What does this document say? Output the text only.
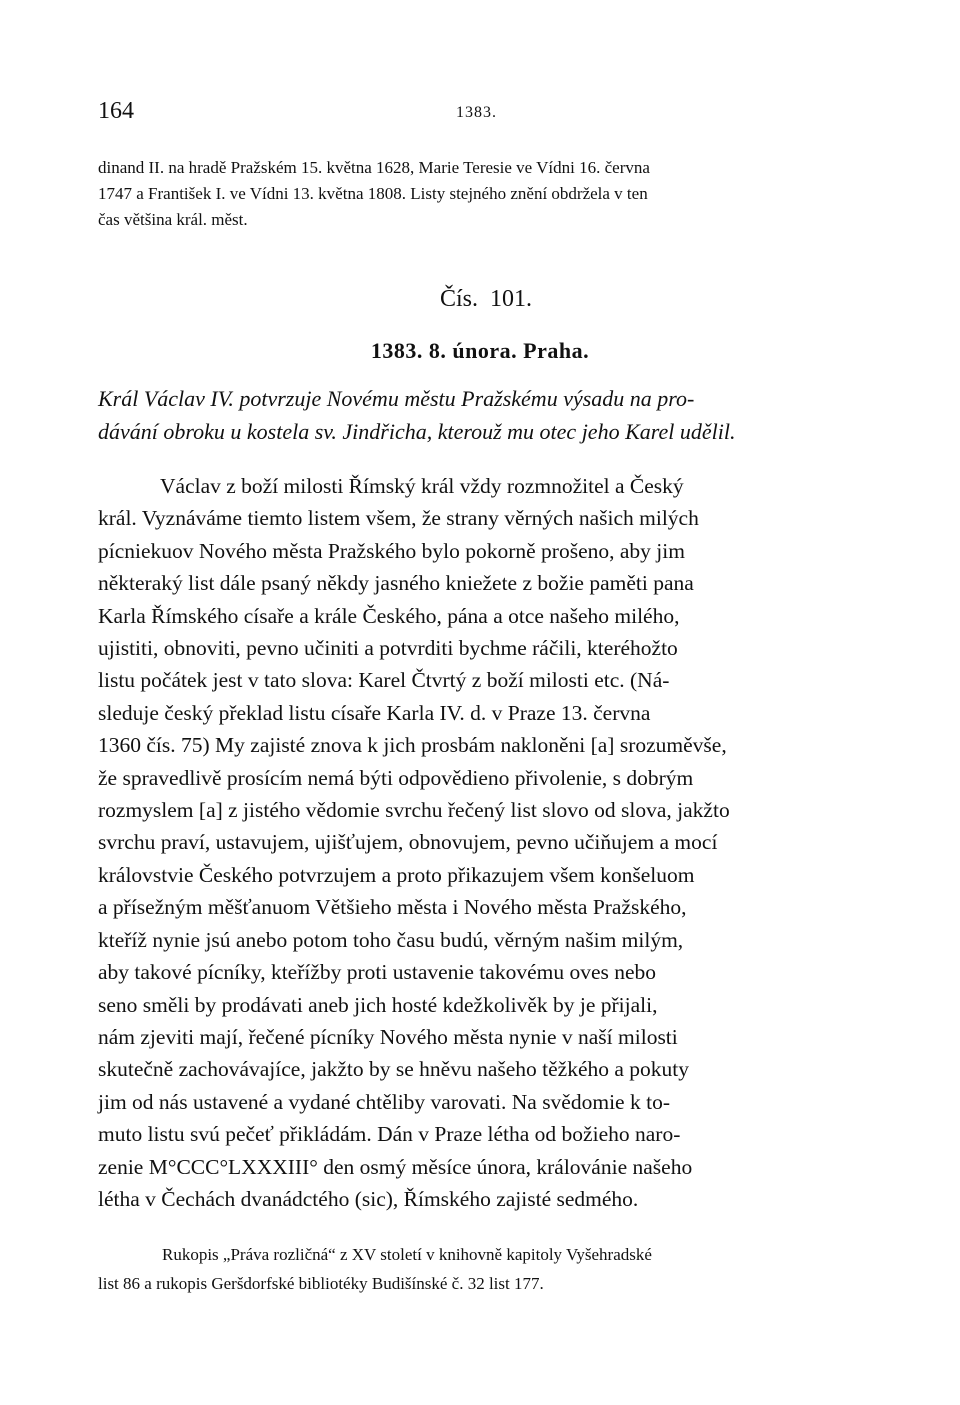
164	1383.
dinand II. na hradě Pražském 15. května 1628, Marie Teresie ve Vídni 16. června
1747 a František I. ve Vídni 13. května 1808. Listy stejného znění obdržela v ten
čas většina král. měst.
Čís. 101.
1383. 8. února. Praha.
Král Václav IV. potvrzuje Novému městu Pražskému výsadu na pro-
dávání obroku u kostela sv. Jindřicha, kterouž mu otec jeho Karel udělil.
Václav z boží milosti Římský král vždy rozmnožitel a Český
král. Vyznáváme tiemto listem všem, že strany věrných našich milých
pícniekuov Nového města Pražského bylo pokorně prošeno, aby jim
některaký list dále psaný někdy jasného kniežete z božie paměti pana
Karla Římského císaře a krále Českého, pána a otce našeho milého,
ujistiti, obnoviti, pevno učiniti a potvrditi bychme ráčili, kteréhožto
listu počátek jest v tato slova: Karel Čtvrtý z boží milosti etc. (Ná-
sleduje český překlad listu císaře Karla IV. d. v Praze 13. června
1360 čís. 75) My zajisté znova k jich prosbám nakloněni [a] srozuměvše,
že spravedlivě prosícím nemá býti odpovědieno přivolenie, s dobrým
rozmyslem [a] z jistého vědomie svrchu řečený list slovo od slova, jakžto
svrchu praví, ustavujem, ujišťujem, obnovujem, pevno učiňujem a mocí
královstvie Českého potvrzujem a proto přikazujem všem konšeluom
a přísežným měšťanuom Většieho města i Nového města Pražského,
kteříž nynie jsú anebo potom toho času budú, věrným našim milým,
aby takové pícníky, kteřížby proti ustavenie takovému oves nebo
seno směli by prodávati aneb jich hosté kdežkolivěk by je přijali,
nám zjeviti mají, řečené pícníky Nového města nynie v naší milosti
skutečně zachovávajíce, jakžto by se hněvu našeho těžkého a pokuty
jim od nás ustavené a vydané chtěliby varovati. Na svědomie k to-
muto listu svú pečeť přikládám. Dán v Praze létha od božieho naro-
zenie M°CCC°LXXXIII° den osmý měsíce února, královánie našeho
létha v Čechách dvanádctého (sic), Římského zajisté sedmého.
Rukopis „Práva rozličná“ z XV století v knihovně kapitoly Vyšehradské
list 86 a rukopis Geršdorfské bibliotéky Budišínské č. 32 list 177.
